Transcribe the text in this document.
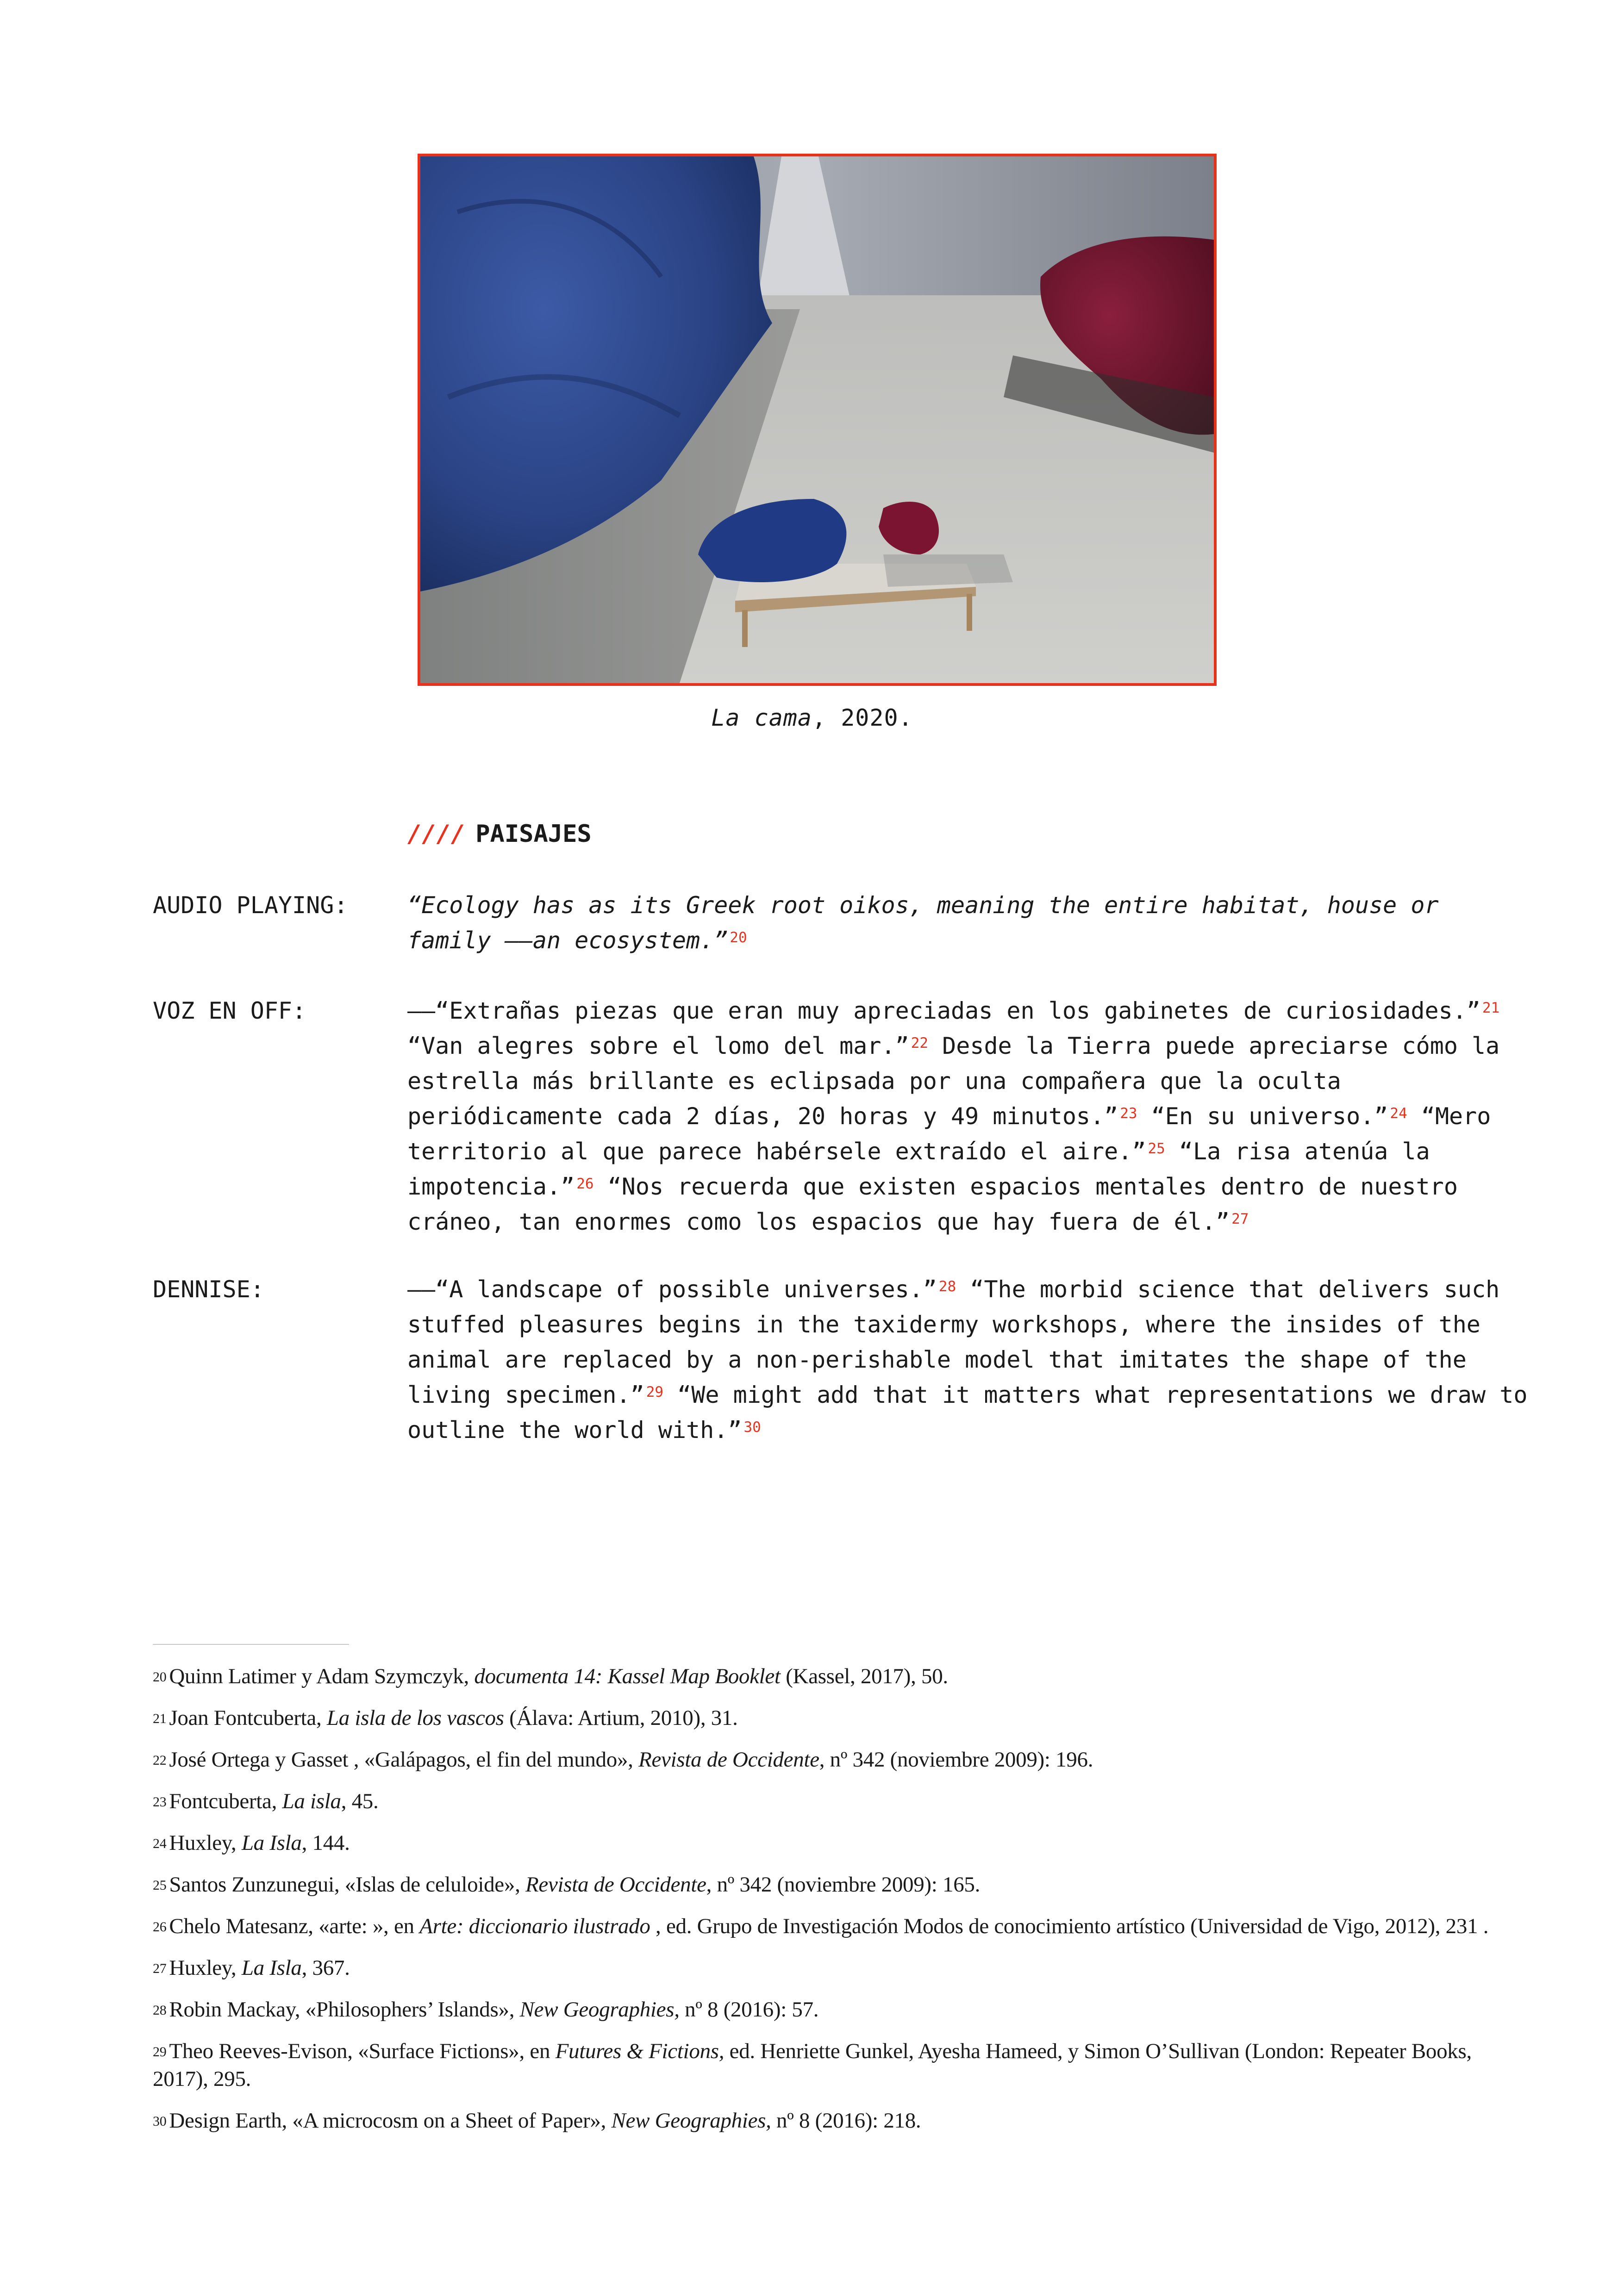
La cama, 2020.
//// PAISAJES
AUDIO PLAYING:	“Ecology has as its Greek root oikos, meaning the entire habitat, house or family ——an ecosystem.” $^{20}$
VOZ EN OFF:	——“Extrañas piezas que eran muy apreciadas en los gabinetes de curiosidades.” $^{21}$ “Van alegres sobre el lomo del mar.” $^{22}$ Desde la Tierra puede apreciarse cómo la estrella más brillante es eclipsada por una compañera que la oculta periódicamente cada 2 días, 20 horas y 49 minutos.” $^{23}$ “En su universo.” $^{24}$ “Mero territorio al que parece habérsele extraído el aire.” $^{25}$ “La risa atenúa la impotencia.” $^{26}$ “Nos recuerda que existen espacios mentales dentro de nuestro cráneo, tan enormes como los espacios que hay fuera de él.” $^{27}$
DENNISE:	——“A landscape of possible universes.” $^{28}$ “The morbid science that delivers such stuffed pleasures begins in the taxidermy workshops, where the insides of the animal are replaced by a non-perishable model that imitates the shape of the living specimen.” $^{29}$ “We might add that it matters what representations we draw to outline the world with.” $^{30}$

$^{20}$ Quinn Latimer y Adam Szymczyk, documenta 14: Kassel Map Booklet (Kassel, 2017), 50.

$^{21}$ Joan Fontcuberta, La isla de los vascos (Álava: Artium, 2010), 31.

$^{22}$ José Ortega y Gasset , «Galápagos, el fin del mundo», Revista de Occidente, nº 342 (noviembre 2009): 196.

$^{23}$ Fontcuberta, La isla, 45.

$^{24}$ Huxley, La Isla, 144.

$^{25}$ Santos Zunzunegui, «Islas de celuloide», Revista de Occidente, nº 342 (noviembre 2009): 165.

$^{26}$ Chelo Matesanz, «arte: », en Arte: diccionario ilustrado , ed. Grupo de Investigación Modos de conocimiento artístico (Universidad de Vigo, 2012), 231 .

$^{27}$ Huxley, La Isla, 367.

$^{28}$ Robin Mackay, «Philosophers’ Islands», New Geographies, nº 8 (2016): 57.

$^{29}$ Theo Reeves-Evison, «Surface Fictions», en Futures & Fictions, ed. Henriette Gunkel, Ayesha Hameed, y Simon O’Sullivan (London: Repeater Books, 2017), 295.

$^{30}$ Design Earth, «A microcosm on a Sheet of Paper», New Geographies, nº 8 (2016): 218.
